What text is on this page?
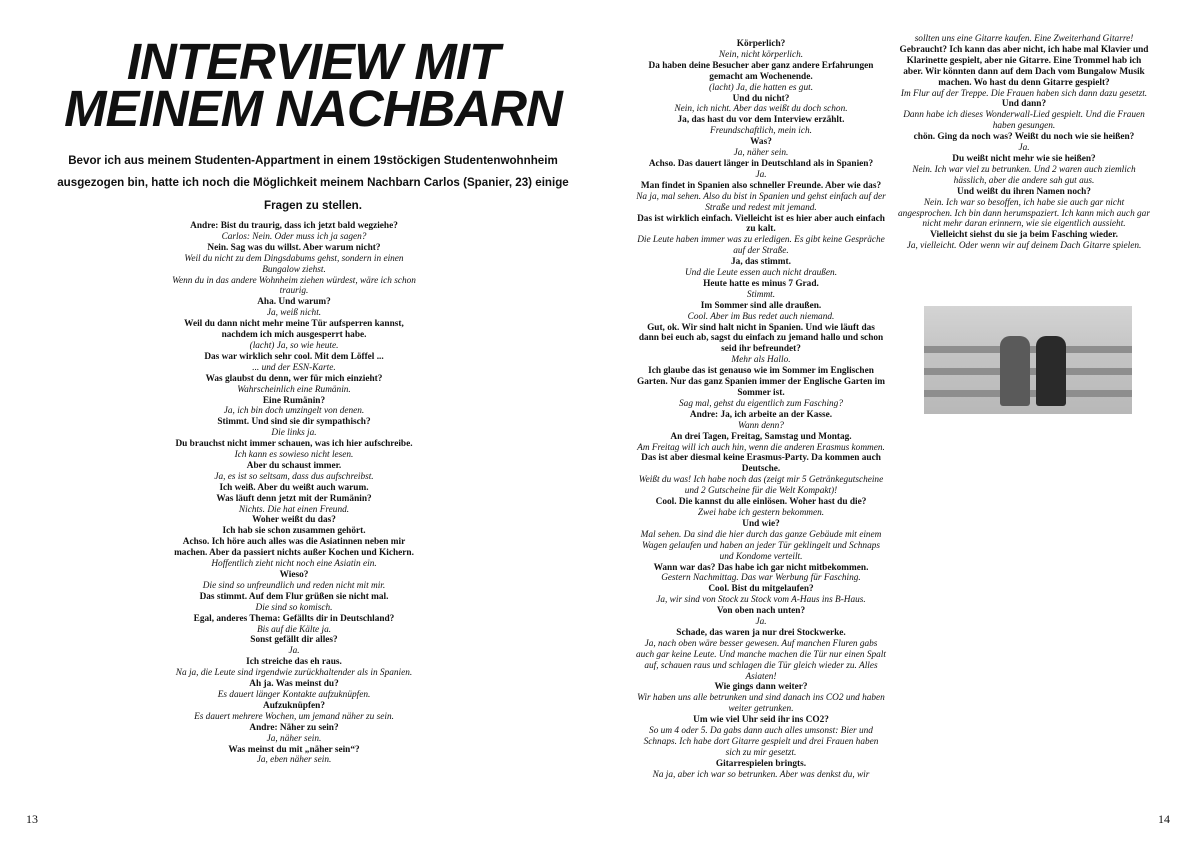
INTERVIEW MIT MEINEM NACHBARN

Bevor ich aus meinem Studenten-Appartment in einem 19stöckigen Studentenwohnheim ausgezogen bin, hatte ich noch die Möglichkeit meinem Nachbarn Carlos (Spanier, 23) einige Fragen zu stellen.

Andre: Bist du traurig, dass ich jetzt bald wegziehe?
Carlos: Nein. Oder muss ich ja sagen?
Nein. Sag was du willst. Aber warum nicht?
Weil du nicht zu dem Dingsdabums gehst, sondern in einen Bungalow ziehst.
Wenn du in das andere Wohnheim ziehen würdest, wäre ich schon traurig.
Aha. Und warum?
Ja, weiß nicht.
Weil du dann nicht mehr meine Tür aufsperren kannst, nachdem ich mich ausgesperrt habe.
(lacht) Ja, so wie heute.
Das war wirklich sehr cool. Mit dem Löffel ...
... und der ESN-Karte.
Was glaubst du denn, wer für mich einzieht?
Wahrscheinlich eine Rumänin.
Eine Rumänin?
Ja, ich bin doch umzingelt von denen.
Stimmt. Und sind sie dir sympathisch?
Die links ja.
Du brauchst nicht immer schauen, was ich hier aufschreibe.
Ich kann es sowieso nicht lesen.
Aber du schaust immer.
Ja, es ist so seltsam, dass dus aufschreibst.
Ich weiß. Aber du weißt auch warum.
Was läuft denn jetzt mit der Rumänin?
Nichts. Die hat einen Freund.
Woher weißt du das?
Ich hab sie schon zusammen gehört.
Achso. Ich höre auch alles was die Asiatinnen neben mir machen. Aber da passiert nichts außer Kochen und Kichern.
Hoffentlich zieht nicht noch eine Asiatin ein.
Wieso?
Die sind so unfreundlich und reden nicht mit mir.
Das stimmt. Auf dem Flur grüßen sie nicht mal.
Die sind so komisch.
Egal, anderes Thema: Gefällts dir in Deutschland?
Bis auf die Kälte ja.
Sonst gefällt dir alles?
Ja.
Ich streiche das eh raus.
Na ja, die Leute sind irgendwie zurückhaltender als in Spanien.
Ah ja. Was meinst du?
Es dauert länger Kontakte aufzuknüpfen.
Aufzuknüpfen?
Es dauert mehrere Wochen, um jemand näher zu sein.
Andre: Näher zu sein?
Ja, näher sein.
Was meinst du mit „näher sein“?
Ja, eben näher sein.

13

Körperlich?
Nein, nicht körperlich.
Da haben deine Besucher aber ganz andere Erfahrungen gemacht am Wochenende.
(lacht) Ja, die hatten es gut.
Und du nicht?
Nein, ich nicht. Aber das weißt du doch schon.
Ja, das hast du vor dem Interview erzählt.
Freundschaftlich, mein ich.
Was?
Ja, näher sein.
Achso. Das dauert länger in Deutschland als in Spanien?
Ja.
Man findet in Spanien also schneller Freunde. Aber wie das?
Na ja, mal sehen. Also du bist in Spanien und gehst einfach auf der Straße und redest mit jemand.
Das ist wirklich einfach. Vielleicht ist es hier aber auch einfach zu kalt.
Die Leute haben immer was zu erledigen. Es gibt keine Gespräche auf der Straße.
Ja, das stimmt.
Und die Leute essen auch nicht draußen.
Heute hatte es minus 7 Grad.
Stimmt.
Im Sommer sind alle draußen.
Cool. Aber im Bus redet auch niemand.
Gut, ok. Wir sind halt nicht in Spanien. Und wie läuft das dann bei euch ab, sagst du einfach zu jemand hallo und schon seid ihr befreundet?
Mehr als Hallo.
Ich glaube das ist genauso wie im Sommer im Englischen Garten. Nur das ganz Spanien immer der Englische Garten im Sommer ist.
Sag mal, gehst du eigentlich zum Fasching?
Andre: Ja, ich arbeite an der Kasse.
Wann denn?
An drei Tagen, Freitag, Samstag und Montag.
Am Freitag will ich auch hin, wenn die anderen Erasmus kommen.
Das ist aber diesmal keine Erasmus-Party. Da kommen auch Deutsche.
Weißt du was! Ich habe noch das (zeigt mir 5 Getränkegutscheine und 2 Gutscheine für die Welt Kompakt)!
Cool. Die kannst du alle einlösen. Woher hast du die?
Zwei habe ich gestern bekommen.
Und wie?
Mal sehen. Da sind die hier durch das ganze Gebäude mit einem Wagen gelaufen und haben an jeder Tür geklingelt und Schnaps und Kondome verteilt.
Wann war das? Das habe ich gar nicht mitbekommen.
Gestern Nachmittag. Das war Werbung für Fasching.
Cool. Bist du mitgelaufen?
Ja, wir sind von Stock zu Stock vom A-Haus ins B-Haus.
Von oben nach unten?
Ja.
Schade, das waren ja nur drei Stockwerke.
Ja, nach oben wäre besser gewesen. Auf manchen Fluren gabs auch gar keine Leute. Und manche machen die Tür nur einen Spalt auf, schauen raus und schlagen die Tür gleich wieder zu. Alles Asiaten!
Wie gings dann weiter?
Wir haben uns alle betrunken und sind danach ins CO2 und haben weiter getrunken.
Um wie viel Uhr seid ihr ins CO2?
So um 4 oder 5. Da gabs dann auch alles umsonst: Bier und Schnaps. Ich habe dort Gitarre gespielt und drei Frauen haben sich zu mir gesetzt.
Gitarrespielen bringts.
Na ja, aber ich war so betrunken. Aber was denkst du, wir
sollten uns eine Gitarre kaufen. Eine Zweiterhand Gitarre!
Gebraucht? Ich kann das aber nicht, ich habe mal Klavier und Klarinette gespielt, aber nie Gitarre. Eine Trommel hab ich aber. Wir könnten dann auf dem Dach vom Bungalow Musik machen. Wo hast du denn Gitarre gespielt?
Im Flur auf der Treppe. Die Frauen haben sich dann dazu gesetzt.
Und dann?
Dann habe ich dieses Wonderwall-Lied gespielt. Und die Frauen haben gesungen.
chön. Ging da noch was? Weißt du noch wie sie heißen?
Ja.
Du weißt nicht mehr wie sie heißen?
Nein. Ich war viel zu betrunken. Und 2 waren auch ziemlich hässlich, aber die andere sah gut aus.
Und weißt du ihren Namen noch?
Nein. Ich war so besoffen, ich habe sie auch gar nicht angesprochen. Ich bin dann herumspaziert. Ich kann mich auch gar nicht mehr daran erinnern, wie sie eigentlich aussieht.
Vielleicht siehst du sie ja beim Fasching wieder.
Ja, vielleicht. Oder wenn wir auf deinem Dach Gitarre spielen.

14
